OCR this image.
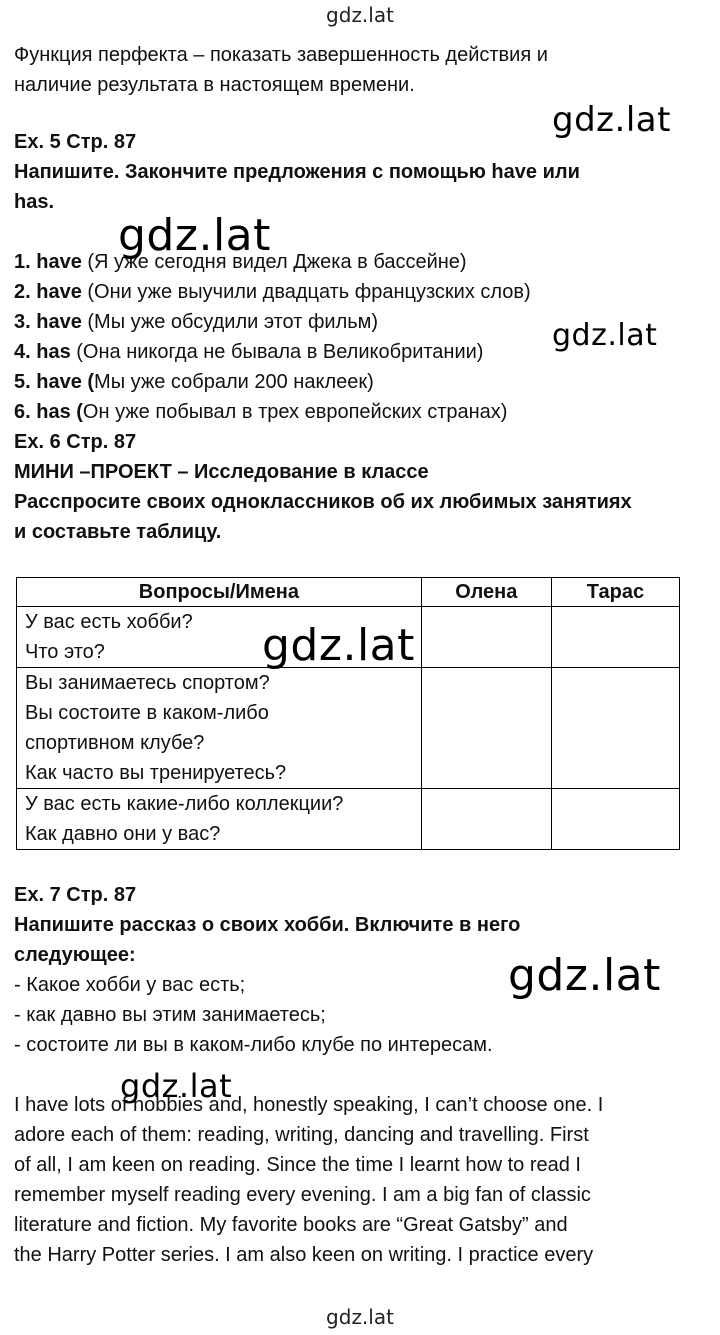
gdz.lat
Функция перфекта – показать завершенность действия и
наличие результата в настоящем времени.
Ex. 5 Стр. 87
Напишите. Закончите предложения с помощью have или
has.
1. have (Я уже сегодня видел Джека в бассейне)
2. have (Они уже выучили двадцать французских слов)
3. have (Мы уже обсудили этот фильм)
4. has (Она никогда не бывала в Великобритании)
5. have (Мы уже собрали 200 наклеек)
6. has (Он уже побывал в трех европейских странах)
Ex. 6 Стр. 87
МИНИ –ПРОЕКТ – Исследование в классе
Расспросите своих одноклассников об их любимых занятиях
и составьте таблицу.
Вопросы/Имена	Олена	Тарас

У вас есть хобби?
Что это?		

Вы занимаетесь спортом?
Вы состоите в каком-либо
спортивном клубе?
Как часто вы тренируетесь?		

У вас есть какие-либо коллекции?
Как давно они у вас?		

Ex. 7 Стр. 87
Напишите рассказ о своих хобби. Включите в него
следующее:
- Какое хобби у вас есть;
- как давно вы этим занимаетесь;
- состоите ли вы в каком-либо клубе по интересам.
I have lots of hobbies and, honestly speaking, I can’t choose one. I
adore each of them: reading, writing, dancing and travelling. First
of all, I am keen on reading. Since the time I learnt how to read I
remember myself reading every evening. I am a big fan of classic
literature and fiction. My favorite books are “Great Gatsby” and
the Harry Potter series. I am also keen on writing. I practice every
gdz.lat
gdz.lat
gdz.lat
gdz.lat
gdz.lat
gdz.lat
gdz.lat
